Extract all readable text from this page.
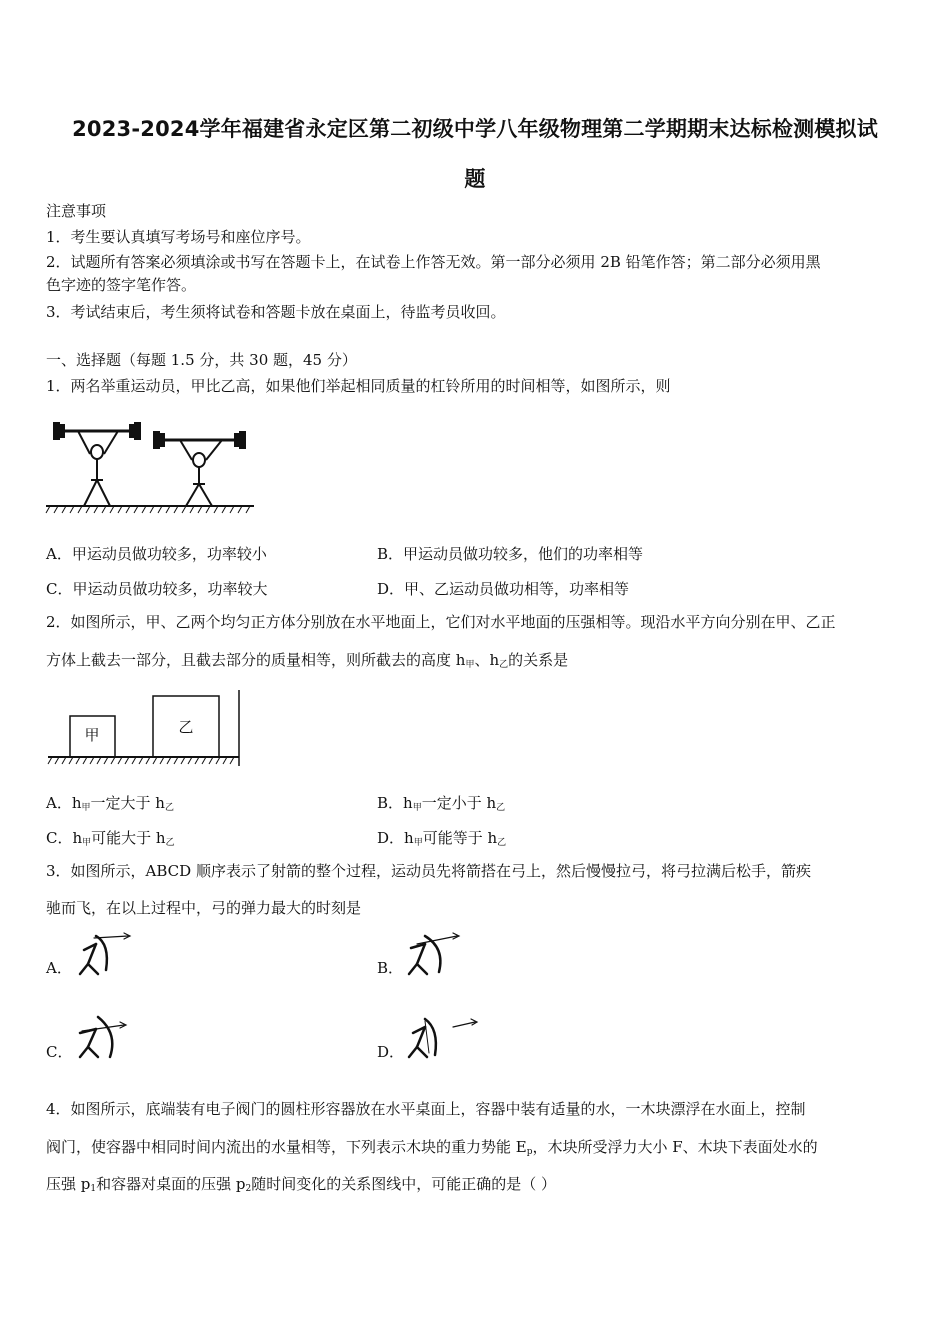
2023-2024学年福建省永定区第二初级中学八年级物理第二学期期末达标检测模拟试
题
注意事项
1．考生要认真填写考场号和座位序号。
2．试题所有答案必须填涂或书写在答题卡上，在试卷上作答无效。第一部分必须用 2B 铅笔作答；第二部分必须用黑
色字迹的签字笔作答。
3．考试结束后，考生须将试卷和答题卡放在桌面上，待监考员收回。
一、选择题（每题 1.5 分，共 30 题，45 分）
1．两名举重运动员，甲比乙高，如果他们举起相同质量的杠铃所用的时间相等，如图所示，则
A．甲运动员做功较多，功率较小	B．甲运动员做功较多，他们的功率相等
C．甲运动员做功较多，功率较大	D．甲、乙运动员做功相等，功率相等
2．如图所示，甲、乙两个均匀正方体分别放在水平地面上，它们对水平地面的压强相等。现沿水平方向分别在甲、乙正
方体上截去一部分，且截去部分的质量相等，则所截去的高度 $h_甲$、$h_乙$的关系是
甲	乙
A．$h_甲$一定大于 $h_乙$	B．$h_甲$一定小于 $h_乙$
C．$h_甲$可能大于 $h_乙$	D．$h_甲$可能等于 $h_乙$
3．如图所示，ABCD 顺序表示了射箭的整个过程，运动员先将箭搭在弓上，然后慢慢拉弓，将弓拉满后松手，箭疾
驰而飞，在以上过程中，弓的弹力最大的时刻是
A．	B．
C．	D．
4．如图所示，底端装有电子阀门的圆柱形容器放在水平桌面上，容器中装有适量的水，一木块漂浮在水面上，控制
阀门，使容器中相同时间内流出的水量相等，下列表示木块的重力势能 $E_p$，木块所受浮力大小 F、木块下表面处水的
压强 $p_1$和容器对桌面的压强 $p_2$随时间变化的关系图线中，可能正确的是（ ）
